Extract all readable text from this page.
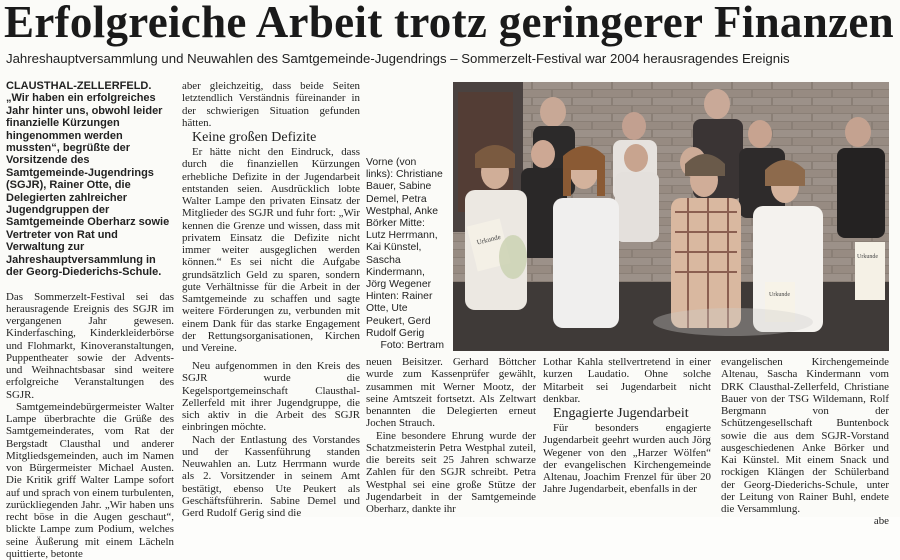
Erfolgreiche Arbeit trotz geringerer Finanzen
Jahreshauptversammlung und Neuwahlen des Samtgemeinde-Jugendrings – Sommerzelt-Festival war 2004 herausragendes Ereignis

CLAUSTHAL-ZELLERFELD. „Wir haben ein erfolgreiches Jahr hinter uns, obwohl leider finanzielle Kürzungen hingenommen werden mussten“, begrüßte der Vorsitzende des Samtgemeinde-Jugendrings (SGJR), Rainer Otte, die Delegierten zahlreicher Jugendgruppen der Samtgemeinde Oberharz sowie Vertreter von Rat und Verwaltung zur Jahreshauptversammlung in der Georg-Diederichs-Schule.

Das Sommerzelt-Festival sei das herausragende Ereignis des SGJR im vergangenen Jahr gewesen. Kinderfasching, Kinderkleiderbörse und Flohmarkt, Kinoveranstaltungen, Puppentheater sowie der Advents- und Weihnachtsbasar sind weitere erfolgreiche Veranstaltungen des SGJR.

Samtgemeindebürgermeister Walter Lampe überbrachte die Grüße des Samtgemeinderates, vom Rat der Bergstadt Clausthal und anderer Mitgliedsgemeinden, auch im Namen von Bürgermeister Michael Austen. Die Kritik griff Walter Lampe sofort auf und sprach von einem turbulenten, zurückliegenden Jahr. „Wir haben uns recht böse in die Augen geschaut“, blickte Lampe zum Podium, welches seine Äußerung mit einem Lächeln quittierte, betonte

aber gleichzeitig, dass beide Seiten letztendlich Verständnis füreinander in der schwierigen Situation gefunden hätten.

Keine großen Defizite

Er hätte nicht den Eindruck, dass durch die finanziellen Kürzungen erhebliche Defizite in der Jugendarbeit entstanden seien. Ausdrücklich lobte Walter Lampe den privaten Einsatz der Mitglieder des SGJR und fuhr fort: „Wir kennen die Grenze und wissen, dass mit privatem Einsatz die Defizite nicht immer weiter ausgeglichen werden können.“ Es sei nicht die Aufgabe grundsätzlich Geld zu sparen, sondern gute Verhältnisse für die Arbeit in der Samtgemeinde zu schaffen und sagte weitere Förderungen zu, verbunden mit einem Dank für das starke Engagement der Rettungsorganisationen, Kirchen und Vereine.

Neu aufgenommen in den Kreis des SGJR wurde die Kegelsportgemeinschaft Clausthal-Zellerfeld mit ihrer Jugendgruppe, die sich aktiv in die Arbeit des SGJR einbringen möchte.

Nach der Entlastung des Vorstandes und der Kassenführung standen Neuwahlen an. Lutz Herrmann wurde als 2. Vorsitzender in seinem Amt bestätigt, ebenso Ute Peukert als Geschäftsführerin. Sabine Demel und Gerd Rudolf Gerig sind die

Vorne (von links): Christiane Bauer, Sabine Demel, Petra Westphal, Anke Börker Mitte: Lutz Herrmann, Kai Künstel, Sascha Kindermann, Jörg Wegener Hinten: Rainer Otte, Ute Peukert, Gerd Rudolf Gerig
Foto: Bertram
Urkunde
Urkunde
Urkunde

neuen Beisitzer. Gerhard Böttcher wurde zum Kassenprüfer gewählt, zusammen mit Werner Mootz, der seine Amtszeit fortsetzt. Als Zeltwart benannten die Delegierten erneut Jochen Strauch.

Eine besondere Ehrung wurde der Schatzmeisterin Petra Westphal zuteil, die bereits seit 25 Jahren schwarze Zahlen für den SGJR schreibt. Petra Westphal sei eine große Stütze der Jugendarbeit in der Samtgemeinde Oberharz, dankte ihr

Lothar Kahla stellvertretend in einer kurzen Laudatio. Ohne solche Mitarbeit sei Jugendarbeit nicht denkbar.

Engagierte Jugendarbeit

Für besonders engagierte Jugendarbeit geehrt wurden auch Jörg Wegener von den „Harzer Wölfen“ der evangelischen Kirchengemeinde Altenau, Joachim Frenzel für über 20 Jahre Jugendarbeit, ebenfalls in der

evangelischen Kirchengemeinde Altenau, Sascha Kindermann vom DRK Clausthal-Zellerfeld, Christiane Bauer von der TSG Wildemann, Rolf Bergmann von der Schützengesellschaft Buntenbock sowie die aus dem SGJR-Vorstand ausgeschiedenen Anke Börker und Kai Künstel. Mit einem Snack und rockigen Klängen der Schülerband der Georg-Diederichs-Schule, unter der Leitung von Rainer Buhl, endete die Versammlung.

abe
